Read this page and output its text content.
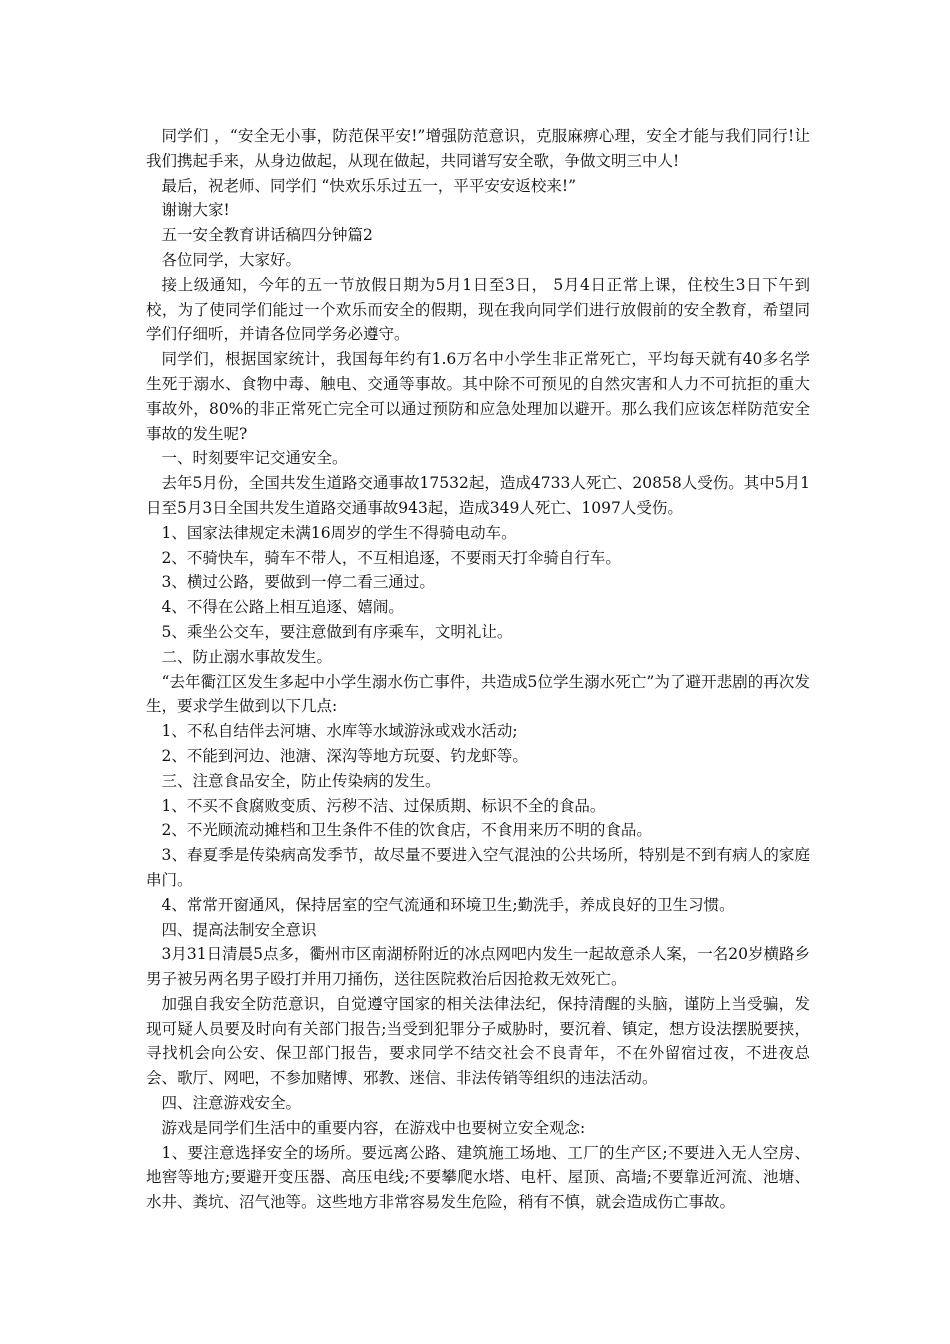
同学们 ，“安全无小事，防范保平安!”增强防范意识，克服麻痹心理，安全才能与我们同行!让我们携起手来，从身边做起，从现在做起，共同谱写安全歌，争做文明三中人!

最后，祝老师、同学们 “快欢乐乐过五一，平平安安返校来!”

谢谢大家!

五一安全教育讲话稿四分钟篇2

各位同学，大家好。

接上级通知，今年的五一节放假日期为5月1日至3日， 5月4日正常上课，住校生3日下午到校，为了使同学们能过一个欢乐而安全的假期，现在我向同学们进行放假前的安全教育，希望同学们仔细听，并请各位同学务必遵守。

同学们，根据国家统计，我国每年约有1.6万名中小学生非正常死亡，平均每天就有40多名学生死于溺水、食物中毒、触电、交通等事故。其中除不可预见的自然灾害和人力不可抗拒的重大事故外，80%的非正常死亡完全可以通过预防和应急处理加以避开。那么我们应该怎样防范安全事故的发生呢?

一、时刻要牢记交通安全。

去年5月份，全国共发生道路交通事故17532起，造成4733人死亡、20858人受伤。其中5月1日至5月3日全国共发生道路交通事故943起，造成349人死亡、1097人受伤。

1、国家法律规定未满16周岁的学生不得骑电动车。

2、不骑快车，骑车不带人，不互相追逐，不要雨天打伞骑自行车。

3、横过公路，要做到一停二看三通过。

4、不得在公路上相互追逐、嬉闹。

5、乘坐公交车，要注意做到有序乘车，文明礼让。

二、防止溺水事故发生。

“去年衢江区发生多起中小学生溺水伤亡事件，共造成5位学生溺水死亡”为了避开悲剧的再次发生，要求学生做到以下几点:

1、不私自结伴去河塘、水库等水域游泳或戏水活动;

2、不能到河边、池溏、深沟等地方玩耍、钓龙虾等。

三、注意食品安全，防止传染病的发生。

1、不买不食腐败变质、污秽不洁、过保质期、标识不全的食品。

2、不光顾流动摊档和卫生条件不佳的饮食店，不食用来历不明的食品。

3、春夏季是传染病高发季节，故尽量不要进入空气混浊的公共场所，特别是不到有病人的家庭串门。

4、常常开窗通风，保持居室的空气流通和环境卫生;勤洗手，养成良好的卫生习惯。

四、提高法制安全意识

3月31日清晨5点多，衢州市区南湖桥附近的冰点网吧内发生一起故意杀人案，一名20岁横路乡男子被另两名男子殴打并用刀捅伤，送往医院救治后因抢救无效死亡。

加强自我安全防范意识，自觉遵守国家的相关法律法纪，保持清醒的头脑，谨防上当受骗，发现可疑人员要及时向有关部门报告;当受到犯罪分子威胁时，要沉着、镇定，想方设法摆脱要挟，寻找机会向公安、保卫部门报告，要求同学不结交社会不良青年，不在外留宿过夜，不进夜总会、歌厅、网吧，不参加赌博、邪教、迷信、非法传销等组织的违法活动。

四、注意游戏安全。

游戏是同学们生活中的重要内容，在游戏中也要树立安全观念:

1、要注意选择安全的场所。要远离公路、建筑施工场地、工厂的生产区;不要进入无人空房、地窖等地方;要避开变压器、高压电线;不要攀爬水塔、电杆、屋顶、高墙;不要靠近河流、池塘、水井、粪坑、沼气池等。这些地方非常容易发生危险，稍有不慎，就会造成伤亡事故。
